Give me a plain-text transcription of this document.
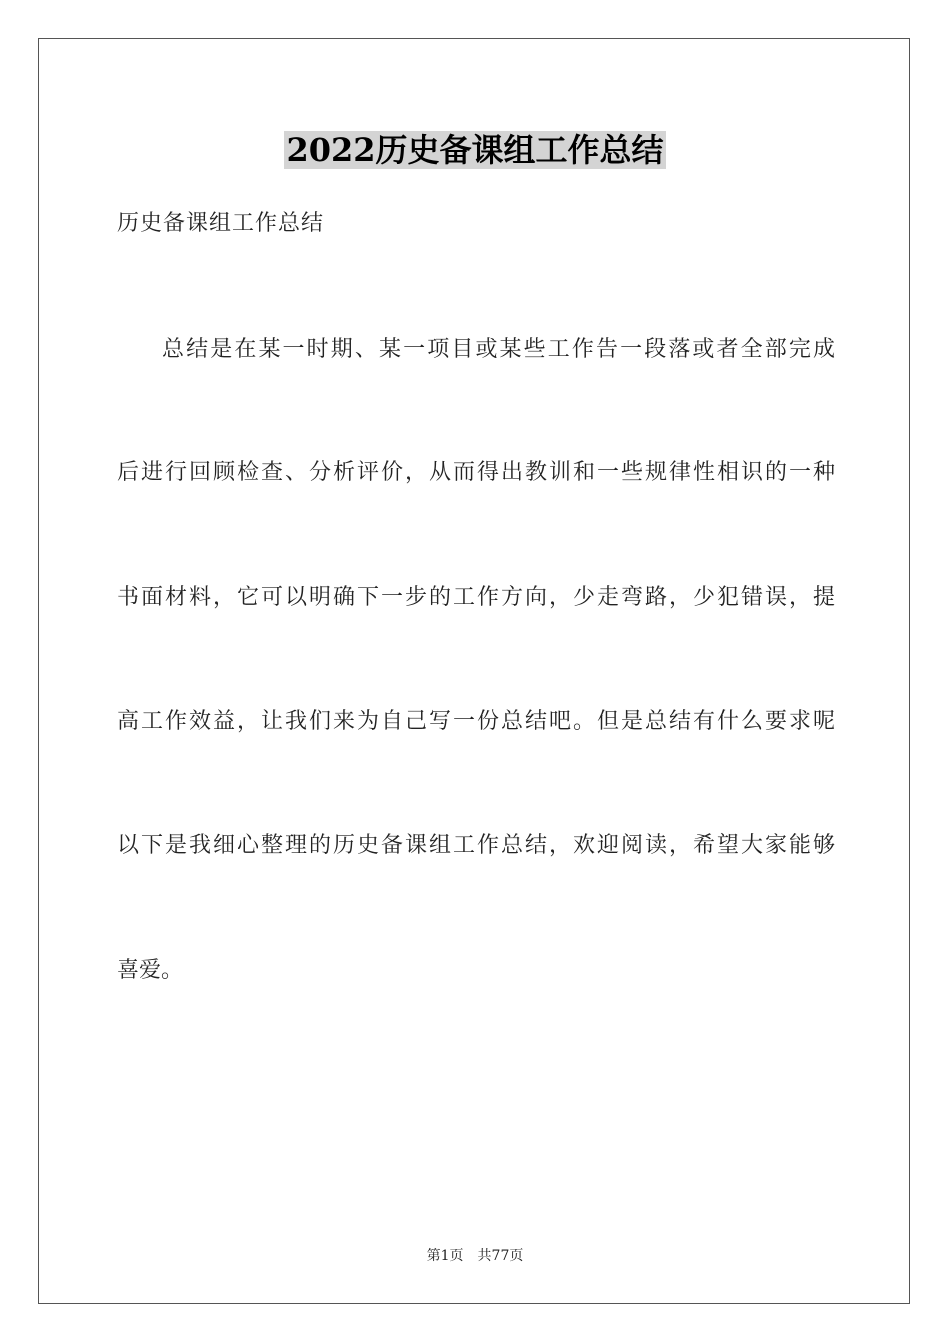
2022历史备课组工作总结
历史备课组工作总结
总结是在某一时期、某一项目或某些工作告一段落或者全部完成
后进行回顾检查、分析评价，从而得出教训和一些规律性相识的一种
书面材料，它可以明确下一步的工作方向，少走弯路，少犯错误，提
高工作效益，让我们来为自己写一份总结吧。但是总结有什么要求呢
以下是我细心整理的历史备课组工作总结，欢迎阅读，希望大家能够
喜爱。
第1页 共77页
